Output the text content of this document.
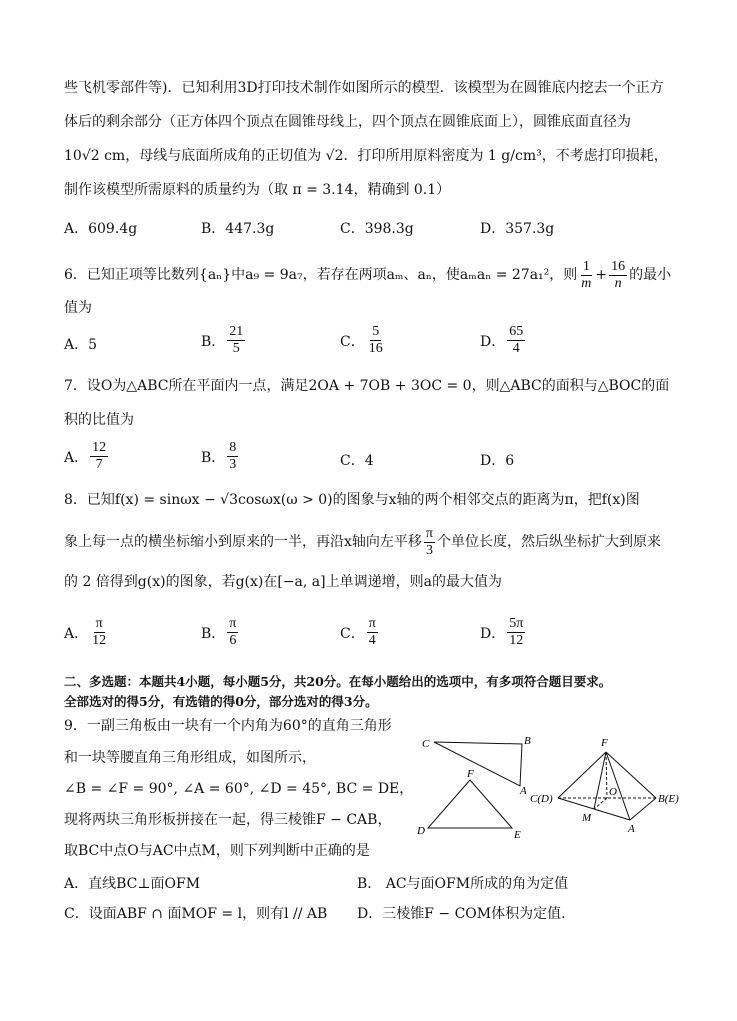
些飞机零部件等)．已知利用3D打印技术制作如图所示的模型．该模型为在圆锥底内挖去一个正方
体后的剩余部分（正方体四个顶点在圆锥母线上，四个顶点在圆锥底面上），圆锥底面直径为
10√2 cm，母线与底面所成角的正切值为 √2．打印所用原料密度为 1 g/cm³，不考虑打印损耗，
制作该模型所需原料的质量约为（取 π = 3.14，精确到 0.1）
A．609.4g	B．447.3g	C．398.3g	D．357.3g
6．已知正项等比数列{aₙ}中a₉ = 9a₇，若存在两项aₘ、aₙ，使aₘaₙ = 27a₁²，则 $\frac{1}{m} + \frac{16}{n}$ 的最小
值为
A．5	B． $\frac{21}{5}$	C． $\frac{5}{16}$	D． $\frac{65}{4}$
7．设O为△ABC所在平面内一点，满足2OA + 7OB + 3OC = 0，则△ABC的面积与△BOC的面
积的比值为
A． $\frac{12}{7}$	B． $\frac{8}{3}$	C．4	D．6
8．已知f(x) = sinωx − √3cosωx(ω > 0)的图象与x轴的两个相邻交点的距离为π，把f(x)图
象上每一点的横坐标缩小到原来的一半，再沿x轴向左平移 $\frac{\pi}{3}$ 个单位长度，然后纵坐标扩大到原来
的 2 倍得到g(x)的图象，若g(x)在[−a, a]上单调递增，则a的最大值为
A． $\frac{\pi}{12}$	B． $\frac{\pi}{6}$	C． $\frac{\pi}{4}$	D． $\frac{5\pi}{12}$
二、多选题：本题共4小题，每小题5分，共20分。在每小题给出的选项中，有多项符合题目要求。
全部选对的得5分，有选错的得0分，部分选对的得3分。
9．一副三角板由一块有一个内角为60°的直角三角形
和一块等腰直角三角形组成，如图所示，
∠B = ∠F = 90°, ∠A = 60°, ∠D = 45°, BC = DE，
现将两块三角形板拼接在一起，得三棱锥F − CAB，
取BC中点O与AC中点M，则下列判断中正确的是
A．直线BC⊥面OFM	B． AC与面OFM所成的角为定值
C．设面ABF ∩ 面MOF = l，则有l // AB D．三棱锥F − COM体积为定值.
C	B
A
F
D	E
F
C(D)
O
B(E)
M
A
